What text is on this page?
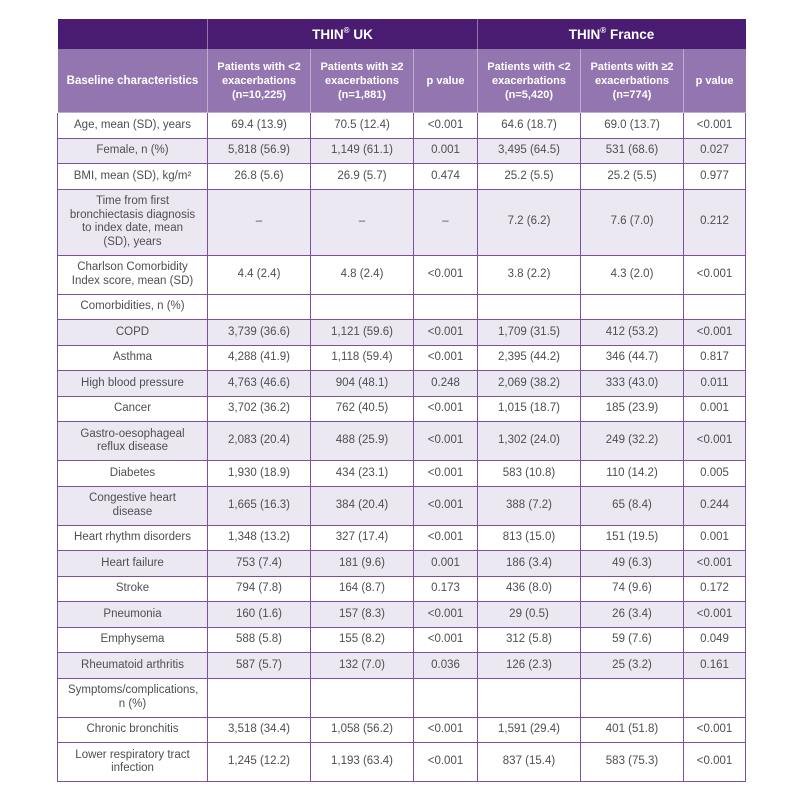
	THIN® UK			THIN® France		
Baseline characteristics	Patients with <2 exacerbations (n=10,225)	Patients with ≥2 exacerbations (n=1,881)	p value	Patients with <2 exacerbations (n=5,420)	Patients with ≥2 exacerbations (n=774)	p value
Age, mean (SD), years	69.4 (13.9)	70.5 (12.4)	<0.001	64.6 (18.7)	69.0 (13.7)	<0.001
Female, n (%)	5,818 (56.9)	1,149 (61.1)	0.001	3,495 (64.5)	531 (68.6)	0.027
BMI, mean (SD), kg/m²	26.8 (5.6)	26.9 (5.7)	0.474	25.2 (5.5)	25.2 (5.5)	0.977
Time from first bronchiectasis diagnosis to index date, mean (SD), years	–	–	–	7.2 (6.2)	7.6 (7.0)	0.212
Charlson Comorbidity Index score, mean (SD)	4.4 (2.4)	4.8 (2.4)	<0.001	3.8 (2.2)	4.3 (2.0)	<0.001
Comorbidities, n (%)						
COPD	3,739 (36.6)	1,121 (59.6)	<0.001	1,709 (31.5)	412 (53.2)	<0.001
Asthma	4,288 (41.9)	1,118 (59.4)	<0.001	2,395 (44.2)	346 (44.7)	0.817
High blood pressure	4,763 (46.6)	904 (48.1)	0.248	2,069 (38.2)	333 (43.0)	0.011
Cancer	3,702 (36.2)	762 (40.5)	<0.001	1,015 (18.7)	185 (23.9)	0.001
Gastro-oesophageal reflux disease	2,083 (20.4)	488 (25.9)	<0.001	1,302 (24.0)	249 (32.2)	<0.001
Diabetes	1,930 (18.9)	434 (23.1)	<0.001	583 (10.8)	110 (14.2)	0.005
Congestive heart disease	1,665 (16.3)	384 (20.4)	<0.001	388 (7.2)	65 (8.4)	0.244
Heart rhythm disorders	1,348 (13.2)	327 (17.4)	<0.001	813 (15.0)	151 (19.5)	0.001
Heart failure	753 (7.4)	181 (9.6)	0.001	186 (3.4)	49 (6.3)	<0.001
Stroke	794 (7.8)	164 (8.7)	0.173	436 (8.0)	74 (9.6)	0.172
Pneumonia	160 (1.6)	157 (8.3)	<0.001	29 (0.5)	26 (3.4)	<0.001
Emphysema	588 (5.8)	155 (8.2)	<0.001	312 (5.8)	59 (7.6)	0.049
Rheumatoid arthritis	587 (5.7)	132 (7.0)	0.036	126 (2.3)	25 (3.2)	0.161
Symptoms/complications, n (%)						
Chronic bronchitis	3,518 (34.4)	1,058 (56.2)	<0.001	1,591 (29.4)	401 (51.8)	<0.001
Lower respiratory tract infection	1,245 (12.2)	1,193 (63.4)	<0.001	837 (15.4)	583 (75.3)	<0.001
